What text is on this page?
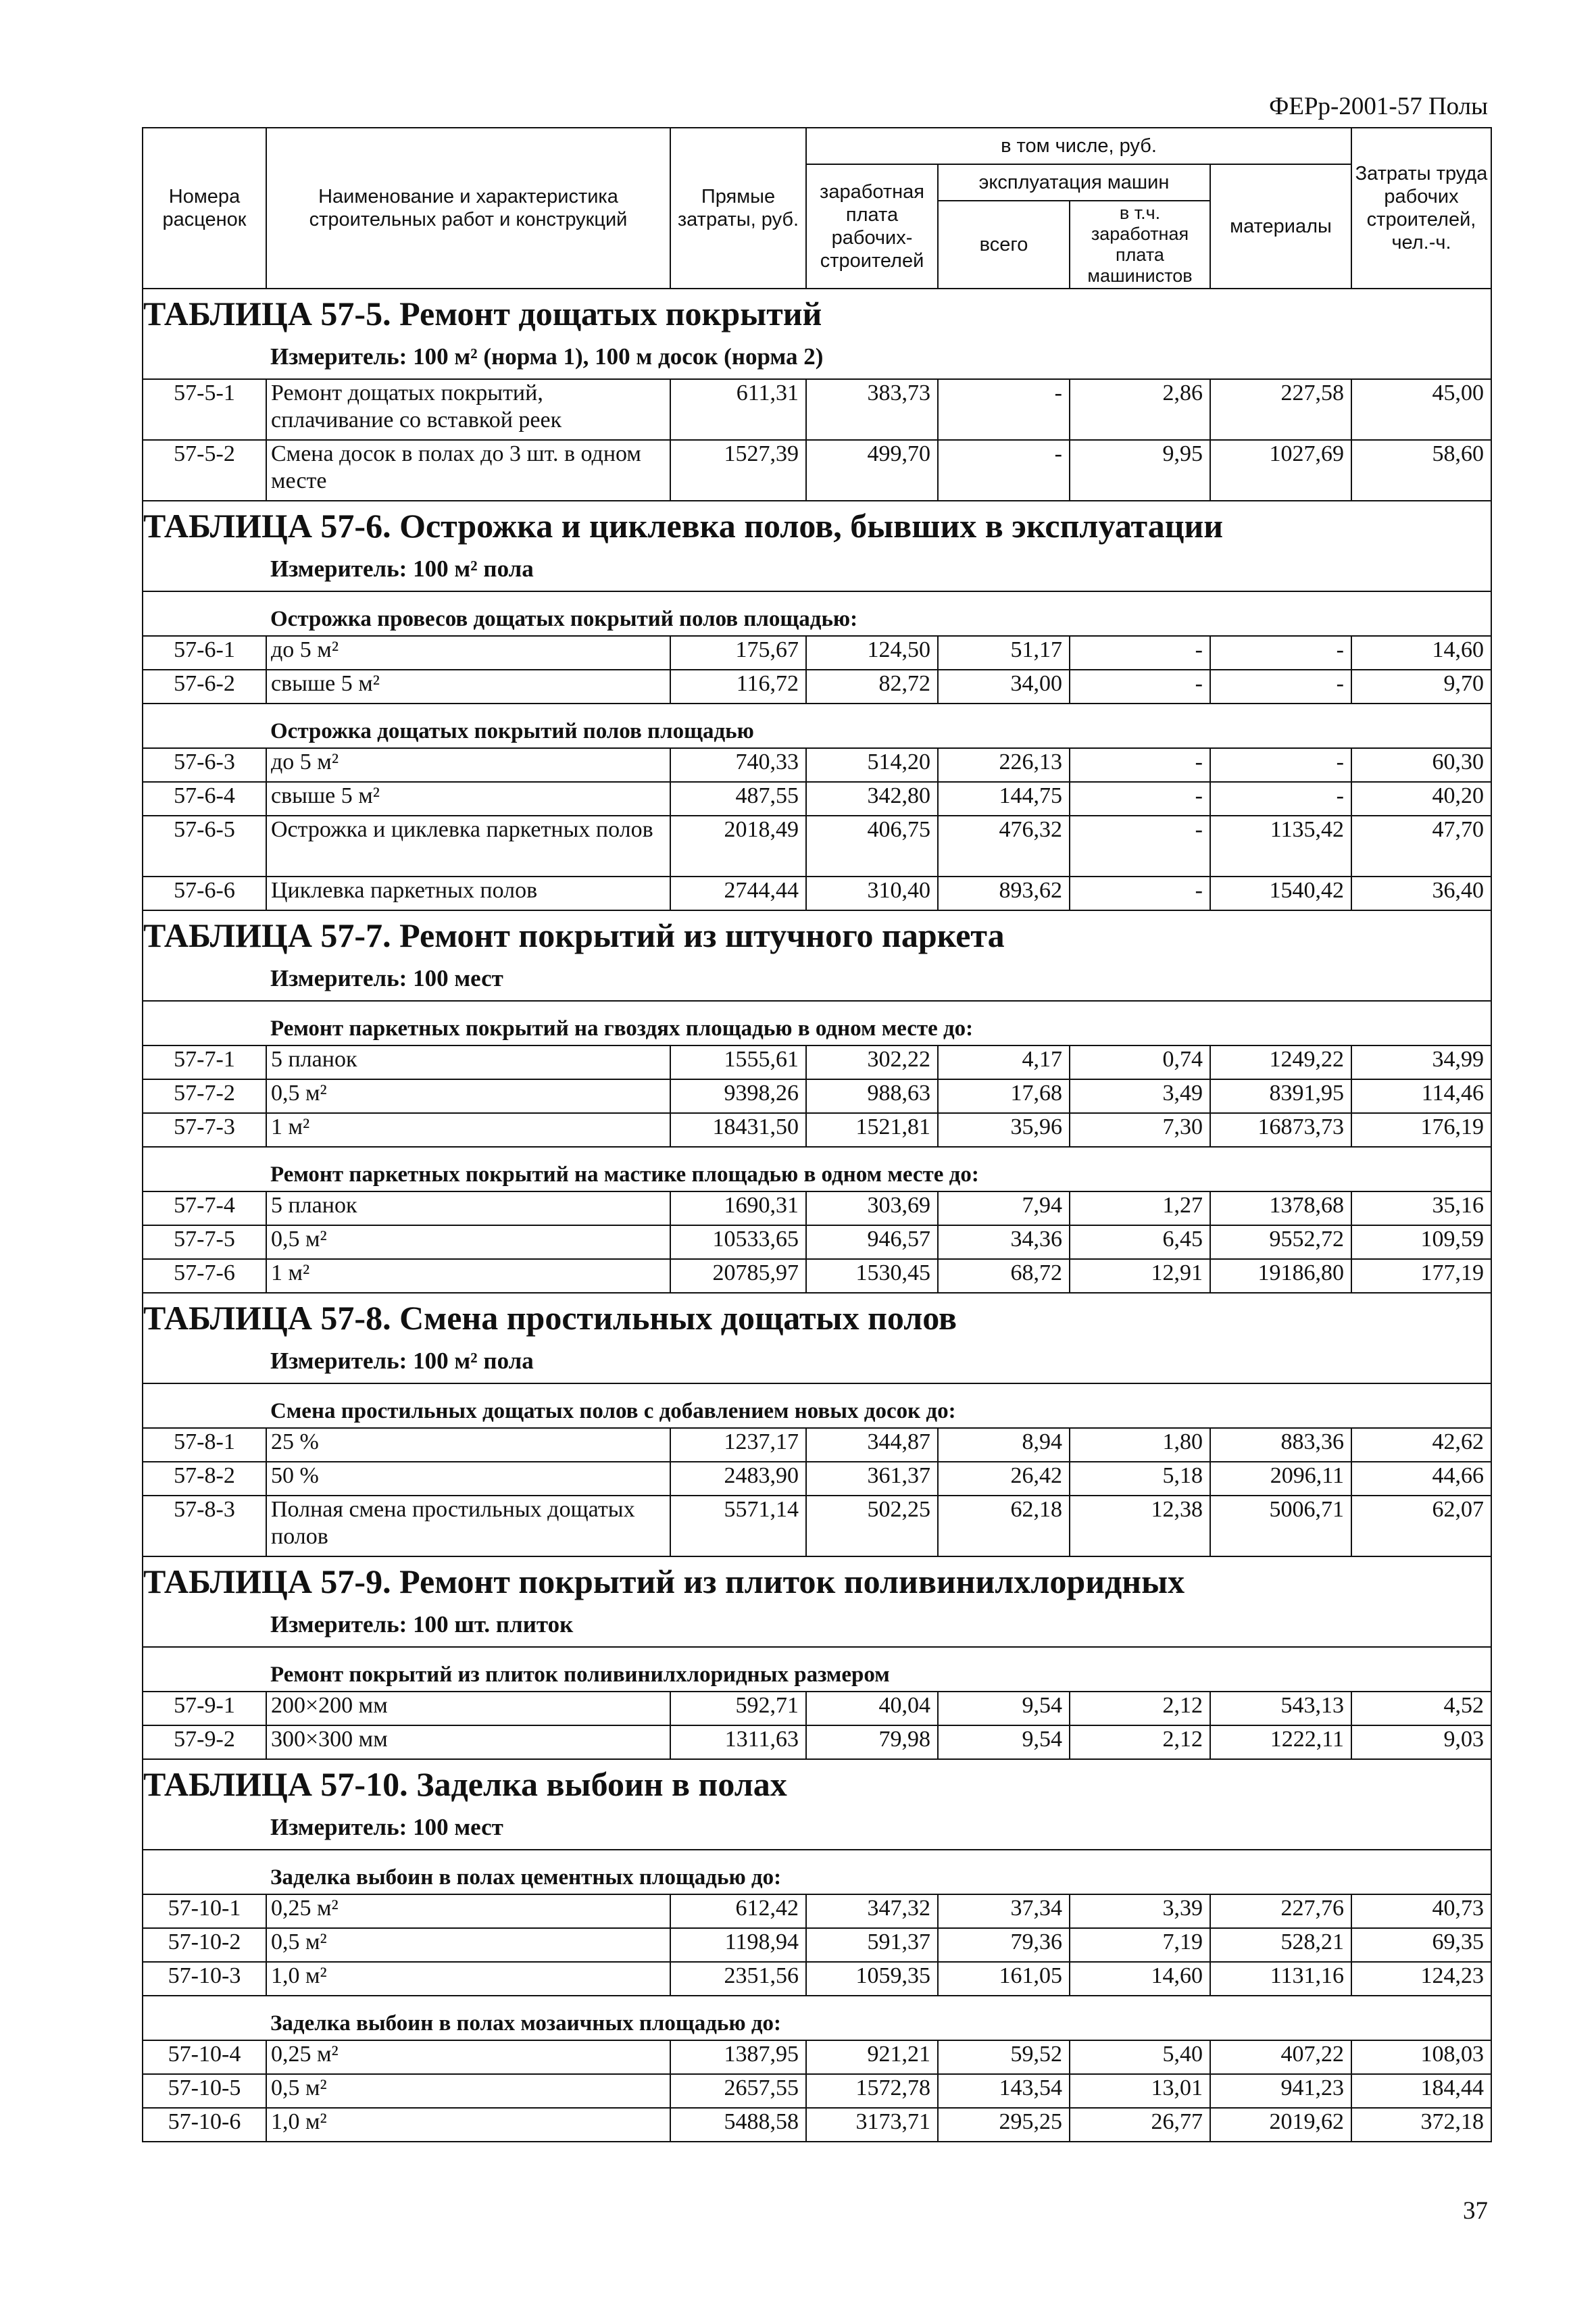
ФЕРр-2001-57 Полы
Номера расценок	Наименование и характеристика строительных работ и конструкций	Прямые затраты, руб.	в том числе, руб.				Затраты труда рабочих строителей, чел.-ч.
			заработная плата рабочих-строителей	эксплуатация машин		материалы	
				всего	в т.ч. заработная плата машинистов		
ТАБЛИЦА 57-5. Ремонт дощатых покрытий							
Измеритель: 100 м² (норма 1), 100 м досок (норма 2)							
57-5-1	Ремонт дощатых покрытий, сплачивание со вставкой реек	611,31	383,73	-	2,86	227,58	45,00
57-5-2	Смена досок в полах до 3 шт. в одном месте	1527,39	499,70	-	9,95	1027,69	58,60
ТАБЛИЦА 57-6. Острожка и циклевка полов, бывших в эксплуатации							
Измеритель: 100 м² пола							
Острожка провесов дощатых покрытий полов площадью:							
57-6-1	до 5 м²	175,67	124,50	51,17	-	-	14,60
57-6-2	свыше 5 м²	116,72	82,72	34,00	-	-	9,70
Острожка дощатых покрытий полов площадью							
57-6-3	до 5 м²	740,33	514,20	226,13	-	-	60,30
57-6-4	свыше 5 м²	487,55	342,80	144,75	-	-	40,20
57-6-5	Острожка и циклевка паркетных полов	2018,49	406,75	476,32	-	1135,42	47,70
57-6-6	Циклевка паркетных полов	2744,44	310,40	893,62	-	1540,42	36,40
ТАБЛИЦА 57-7. Ремонт покрытий из штучного паркета							
Измеритель: 100 мест							
Ремонт паркетных покрытий на гвоздях площадью в одном месте до:							
57-7-1	5 планок	1555,61	302,22	4,17	0,74	1249,22	34,99
57-7-2	0,5 м²	9398,26	988,63	17,68	3,49	8391,95	114,46
57-7-3	1 м²	18431,50	1521,81	35,96	7,30	16873,73	176,19
Ремонт паркетных покрытий на мастике площадью в одном месте до:							
57-7-4	5 планок	1690,31	303,69	7,94	1,27	1378,68	35,16
57-7-5	0,5 м²	10533,65	946,57	34,36	6,45	9552,72	109,59
57-7-6	1 м²	20785,97	1530,45	68,72	12,91	19186,80	177,19
ТАБЛИЦА 57-8. Смена простильных дощатых полов							
Измеритель: 100 м² пола							
Смена простильных дощатых полов с добавлением новых досок до:							
57-8-1	25 %	1237,17	344,87	8,94	1,80	883,36	42,62
57-8-2	50 %	2483,90	361,37	26,42	5,18	2096,11	44,66
57-8-3	Полная смена простильных дощатых полов	5571,14	502,25	62,18	12,38	5006,71	62,07
ТАБЛИЦА 57-9. Ремонт покрытий из плиток поливинилхлоридных							
Измеритель: 100 шт. плиток							
Ремонт покрытий из плиток поливинилхлоридных размером							
57-9-1	200×200 мм	592,71	40,04	9,54	2,12	543,13	4,52
57-9-2	300×300 мм	1311,63	79,98	9,54	2,12	1222,11	9,03
ТАБЛИЦА 57-10. Заделка выбоин в полах							
Измеритель: 100 мест							
Заделка выбоин в полах цементных площадью до:							
57-10-1	0,25 м²	612,42	347,32	37,34	3,39	227,76	40,73
57-10-2	0,5 м²	1198,94	591,37	79,36	7,19	528,21	69,35
57-10-3	1,0 м²	2351,56	1059,35	161,05	14,60	1131,16	124,23
Заделка выбоин в полах мозаичных площадью до:							
57-10-4	0,25 м²	1387,95	921,21	59,52	5,40	407,22	108,03
57-10-5	0,5 м²	2657,55	1572,78	143,54	13,01	941,23	184,44
57-10-6	1,0 м²	5488,58	3173,71	295,25	26,77	2019,62	372,18
37
